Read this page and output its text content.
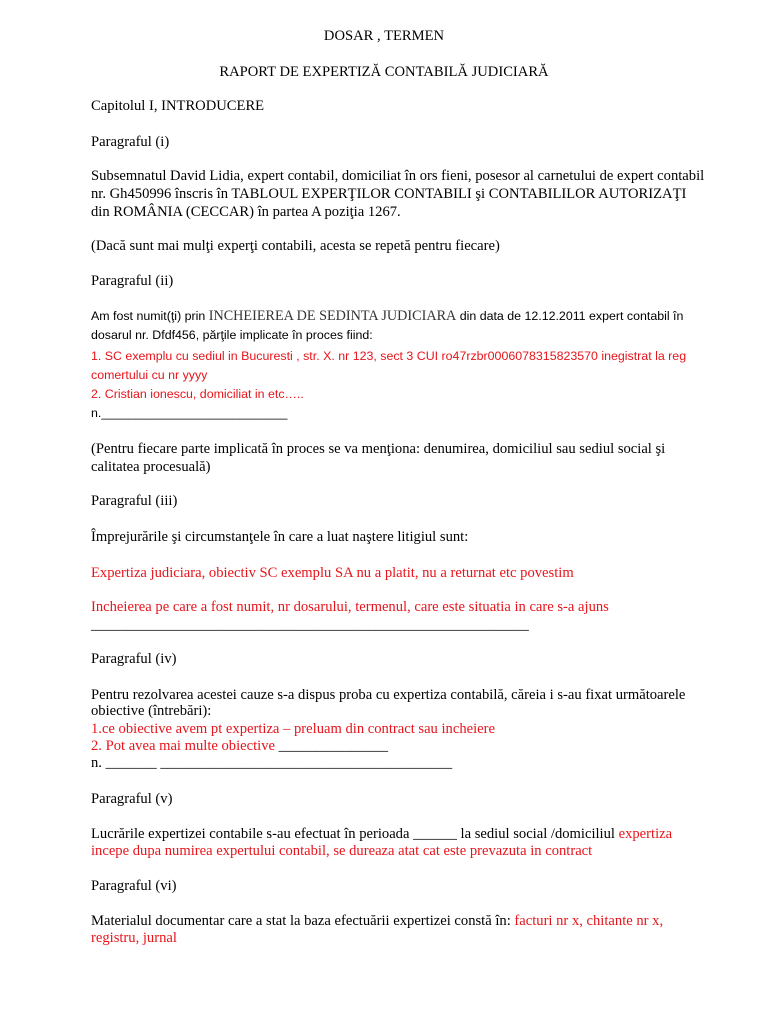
DOSAR , TERMEN
RAPORT DE EXPERTIZĂ CONTABILĂ JUDICIARĂ
Capitolul I, INTRODUCERE
Paragraful (i)
Subsemnatul David Lidia, expert contabil, domiciliat în ors fieni, posesor al carnetului de expert contabil
nr. Gh450996 înscris în TABLOUL EXPERŢILOR CONTABILI şi CONTABILILOR AUTORIZAŢI
din ROMÂNIA (CECCAR) în partea A poziţia 1267.
(Dacă sunt mai mulţi experţi contabili, acesta se repetă pentru fiecare)
Paragraful (ii)
Am fost numit(ţi) prin INCHEIEREA DE SEDINTA JUDICIARA din data de 12.12.2011 expert contabil în
dosarul nr. Dfdf456, părţile implicate în proces fiind:
1. SC exemplu cu sediul in Bucuresti , str. X. nr 123, sect 3 CUI ro47rzbr0006078315823570 inegistrat la reg
comertului cu nr yyyy
2. Cristian ionescu, domiciliat in etc…..
n.___________________________
(Pentru fiecare parte implicată în proces se va menţiona: denumirea, domiciliul sau sediul social şi
calitatea procesuală)
Paragraful (iii)
Împrejurările şi circumstanţele în care a luat naştere litigiul sunt:
Expertiza judiciara, obiectiv SC exemplu SA nu a platit, nu a returnat etc povestim
Incheierea pe care a fost numit, nr dosarului, termenul, care este situatia in care s-a ajuns
____________________________________________________________
Paragraful (iv)
Pentru rezolvarea acestei cauze s-a dispus proba cu expertiza contabilă, căreia i s-au fixat următoarele
obiective (întrebări):
1.ce obiective avem pt expertiza – preluam din contract sau incheiere
2. Pot avea mai multe obiective _______________
n. _______ ________________________________________
Paragraful (v)
Lucrările expertizei contabile s-au efectuat în perioada ______ la sediul social /domiciliul expertiza
incepe dupa numirea expertului contabil, se dureaza atat cat este prevazuta in contract
Paragraful (vi)
Materialul documentar care a stat la baza efectuării expertizei constă în: facturi nr x, chitante nr x,
registru, jurnal
